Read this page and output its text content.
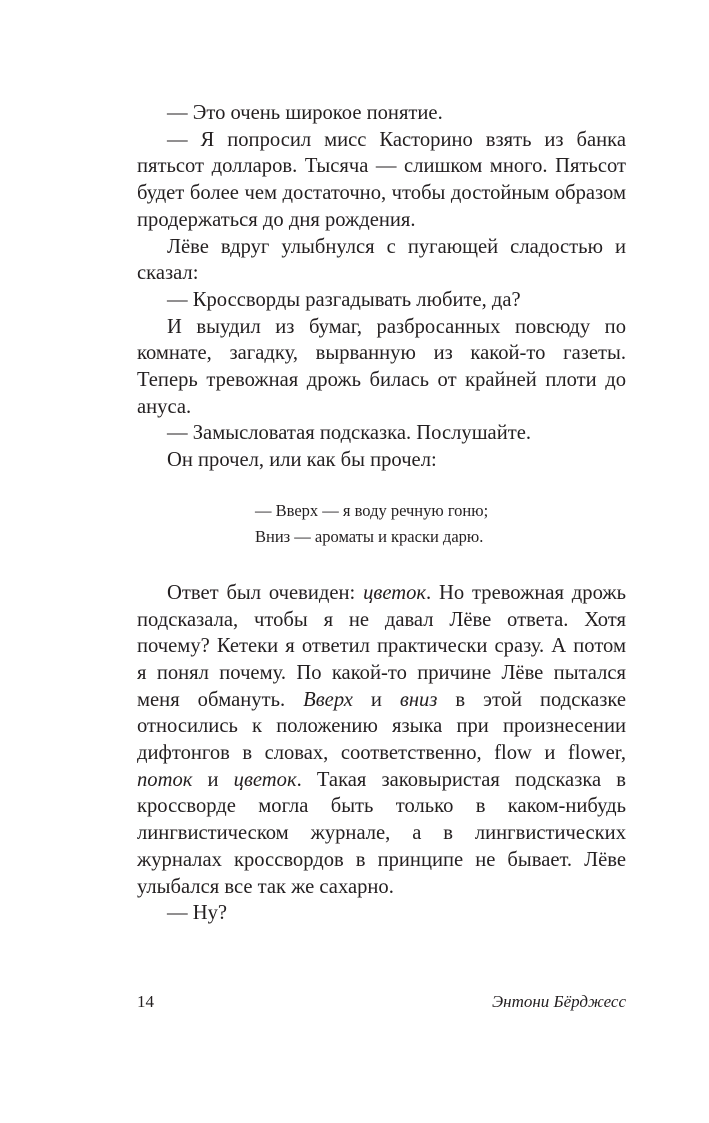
— Это очень широкое понятие.

— Я попросил мисс Касторино взять из банка пятьсот долларов. Тысяча — слишком много. Пятьсот будет более чем достаточно, чтобы достойным образом продержаться до дня рождения.

Лёве вдруг улыбнулся с пугающей сладостью и сказал:

— Кроссворды разгадывать любите, да?

И выудил из бумаг, разбросанных повсюду по комнате, загадку, вырванную из какой-то газеты. Теперь тревожная дрожь билась от крайней плоти до ануса.

— Замысловатая подсказка. Послушайте.

Он прочел, или как бы прочел:

— Вверх — я воду речную гоню;
Вниз — ароматы и краски дарю.

Ответ был очевиден: цветок. Но тревожная дрожь подсказала, чтобы я не давал Лёве ответа. Хотя почему? Кетеки я ответил практически сразу. А потом я понял почему. По какой-то причине Лёве пытался меня обмануть. Вверх и вниз в этой подсказке относились к положению языка при произнесении дифтонгов в словах, соответственно, flow и flower, поток и цветок. Такая заковыристая подсказка в кроссворде могла быть только в каком-нибудь лингвистическом журнале, а в лингвистических журналах кроссвордов в принципе не бывает. Лёве улыбался все так же сахарно.

— Ну?

14	Энтони Бёрджесс
